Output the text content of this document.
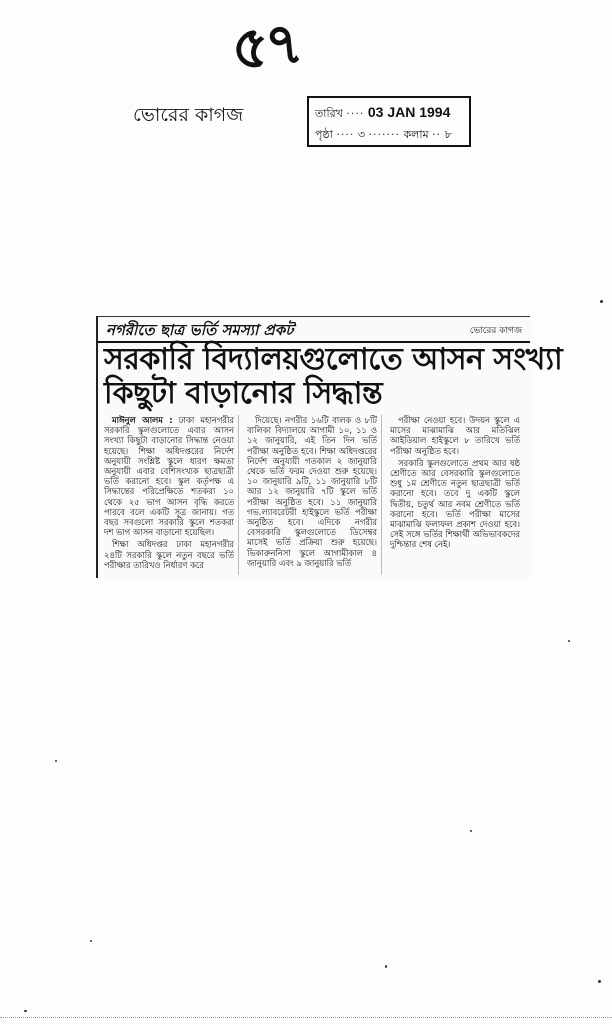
৫৭
ভোরের কাগজ	তারিখ ···· 03 JAN 1994
পৃষ্ঠা ···· ৩ ······· কলাম ·· ৮
নগরীতে ছাত্র ভর্তি সমস্যা প্রকট	ভোরের কাগজ
সরকারি বিদ্যালয়গুলোতে আসন সংখ্যা
কিছুটা বাড়ানোর সিদ্ধান্ত

মাঈনুল আলম : ঢাকা মহানগরীর সরকারি স্কুলগুলোতে এবার আসন সংখ্যা কিছুটা বাড়ানোর সিদ্ধান্ত নেওয়া হয়েছে। শিক্ষা অধিদপ্তরের নির্দেশ অনুযায়ী সংশ্লিষ্ট স্কুলে ধারণ ক্ষমতা অনুযায়ী এবার বেশিসংখ্যক ছাত্রছাত্রী ভর্তি করানো হবে। স্কুল কর্তৃপক্ষ এ সিদ্ধান্তের পরিপ্রেক্ষিতে শতকরা ১০ থেকে ২৫ ভাগ আসন বৃদ্ধি করতে পারবে বলে একটি সূত্র জানায়। গত বছর সবগুলো সরকারি স্কুলে শতকরা দশ ভাগ আসন বাড়ানো হয়েছিল।

শিক্ষা অধিদপ্তর ঢাকা মহানগরীর ২৪টি সরকারি স্কুলে নতুন বছরে ভর্তি পরীক্ষার তারিখও নির্ধারণ করে

দিয়েছে। নগরীর ১৬টি বালক ও ৮টি বালিকা বিদ্যালয়ে আগামী ১০, ১১ ও ১২ জানুয়ারি, এই তিন দিন ভর্তি পরীক্ষা অনুষ্ঠিত হবে। শিক্ষা অধিদপ্তরের নির্দেশ অনুযায়ী গতকাল ২ জানুয়ারি থেকে ভর্তি ফরম দেওয়া শুরু হয়েছে। ১০ জানুয়ারি ৯টি, ১১ জানুয়ারি ৮টি আর ১২ জানুয়ারি ৭টি স্কুলে ভর্তি পরীক্ষা অনুষ্ঠিত হবে। ১১ জানুয়ারি গভ.ল্যাবরেটরী হাইস্কুলে ভর্তি পরীক্ষা অনুষ্ঠিত হবে। এদিকে নগরীর বেসরকারি স্কুলগুলোতে ডিসেম্বর মাসেই ভর্তি প্রক্রিয়া শুরু হয়েছে। ভিকারুননিসা স্কুলে আগামীকাল ৪ জানুয়ারি এবং ৯ জানুয়ারি ভর্তি

পরীক্ষা নেওয়া হবে। উদয়ন স্কুলে এ মাসের মাঝামাঝি আর মতিঝিল আইডিয়াল হাইস্কুলে ৮ তারিখে ভর্তি পরীক্ষা অনুষ্ঠিত হবে।

সরকারি স্কুলগুলোতে প্রথম আর ষষ্ঠ শ্রেণীতে আর বেসরকারি স্কুলগুলোতে শুধু ১ম শ্রেণীতে নতুন ছাত্রছাত্রী ভর্তি করানো হবে। তবে দু একটি স্কুলে দ্বিতীয়, চতুর্থ আর নবম শ্রেণীতে ভর্তি করানো হবে। ভর্তি পরীক্ষা মাসের মাঝামাঝি ফলাফল প্রকাশ দেওয়া হবে। সেই সঙ্গে ভর্তির শিক্ষার্থী অভিভাবকদের দুশ্চিন্তার শেষ নেই।
